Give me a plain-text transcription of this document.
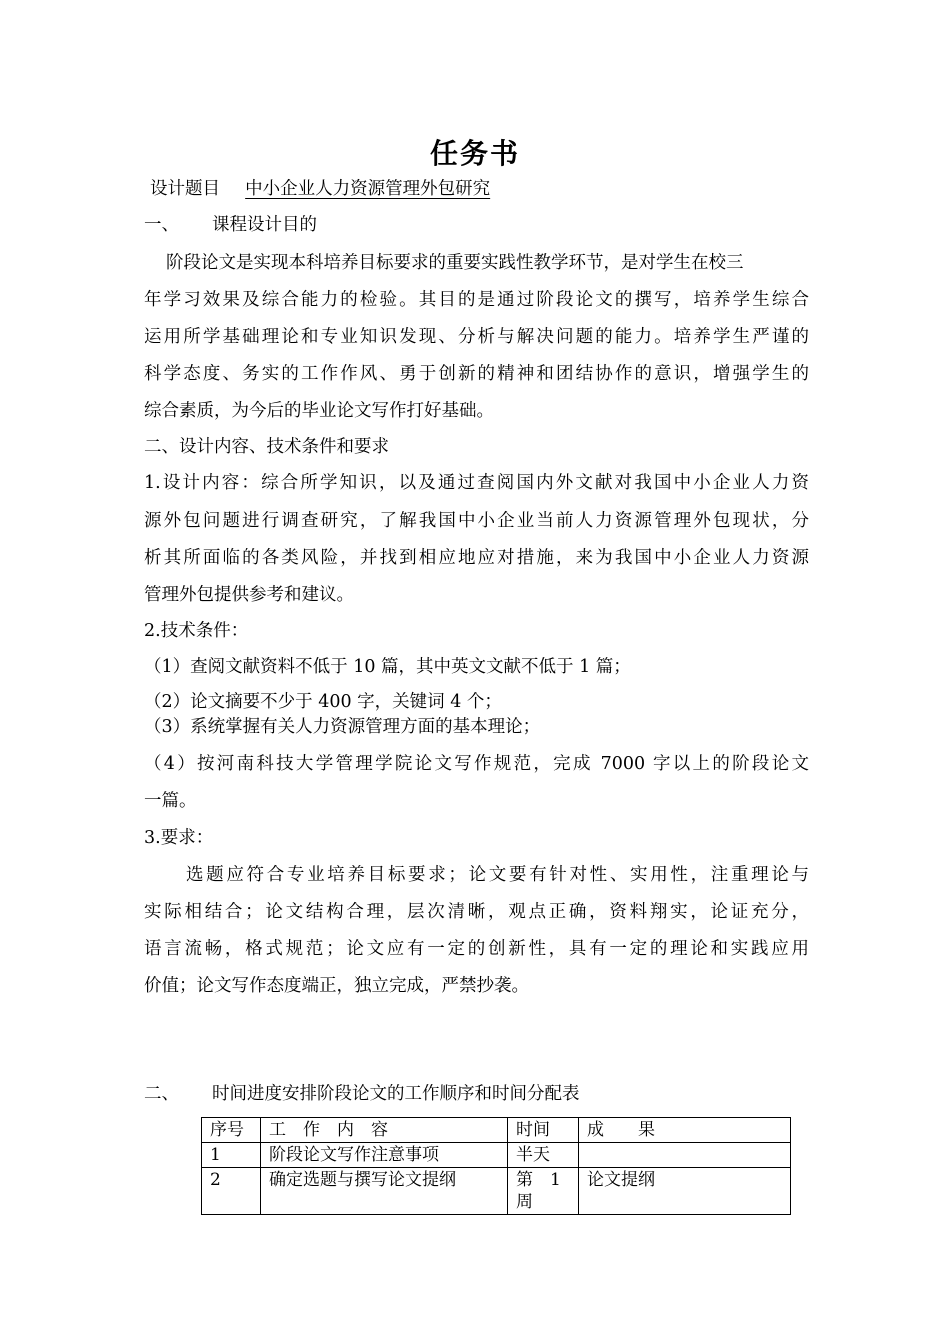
任务书
设计题目 中小企业人力资源管理外包研究
一、 课程设计目的
阶段论文是实现本科培养目标要求的重要实践性教学环节，是对学生在校三
年学习效果及综合能力的检验。其目的是通过阶段论文的撰写，培养学生综合
运用所学基础理论和专业知识发现、分析与解决问题的能力。培养学生严谨的
科学态度、务实的工作作风、勇于创新的精神和团结协作的意识，增强学生的
综合素质，为今后的毕业论文写作打好基础。
二、设计内容、技术条件和要求
1.设计内容：综合所学知识，以及通过查阅国内外文献对我国中小企业人力资
源外包问题进行调查研究，了解我国中小企业当前人力资源管理外包现状，分
析其所面临的各类风险，并找到相应地应对措施，来为我国中小企业人力资源
管理外包提供参考和建议。
2.技术条件：
（1）查阅文献资料不低于 10 篇，其中英文文献不低于 1 篇；
（2）论文摘要不少于 400 字，关键词 4 个；
（3）系统掌握有关人力资源管理方面的基本理论；
（4）按河南科技大学管理学院论文写作规范，完成 7000 字以上的阶段论文
一篇。
3.要求：
选题应符合专业培养目标要求；论文要有针对性、实用性，注重理论与
实际相结合；论文结构合理，层次清晰，观点正确，资料翔实，论证充分，
语言流畅，格式规范；论文应有一定的创新性，具有一定的理论和实践应用
价值；论文写作态度端正，独立完成，严禁抄袭。
二、 时间进度安排阶段论文的工作顺序和时间分配表
序号	工　作　内　容	时间	成　　果
1	阶段论文写作注意事项	半天	
2	确定选题与撰写论文提纲	第　1周	论文提纲
